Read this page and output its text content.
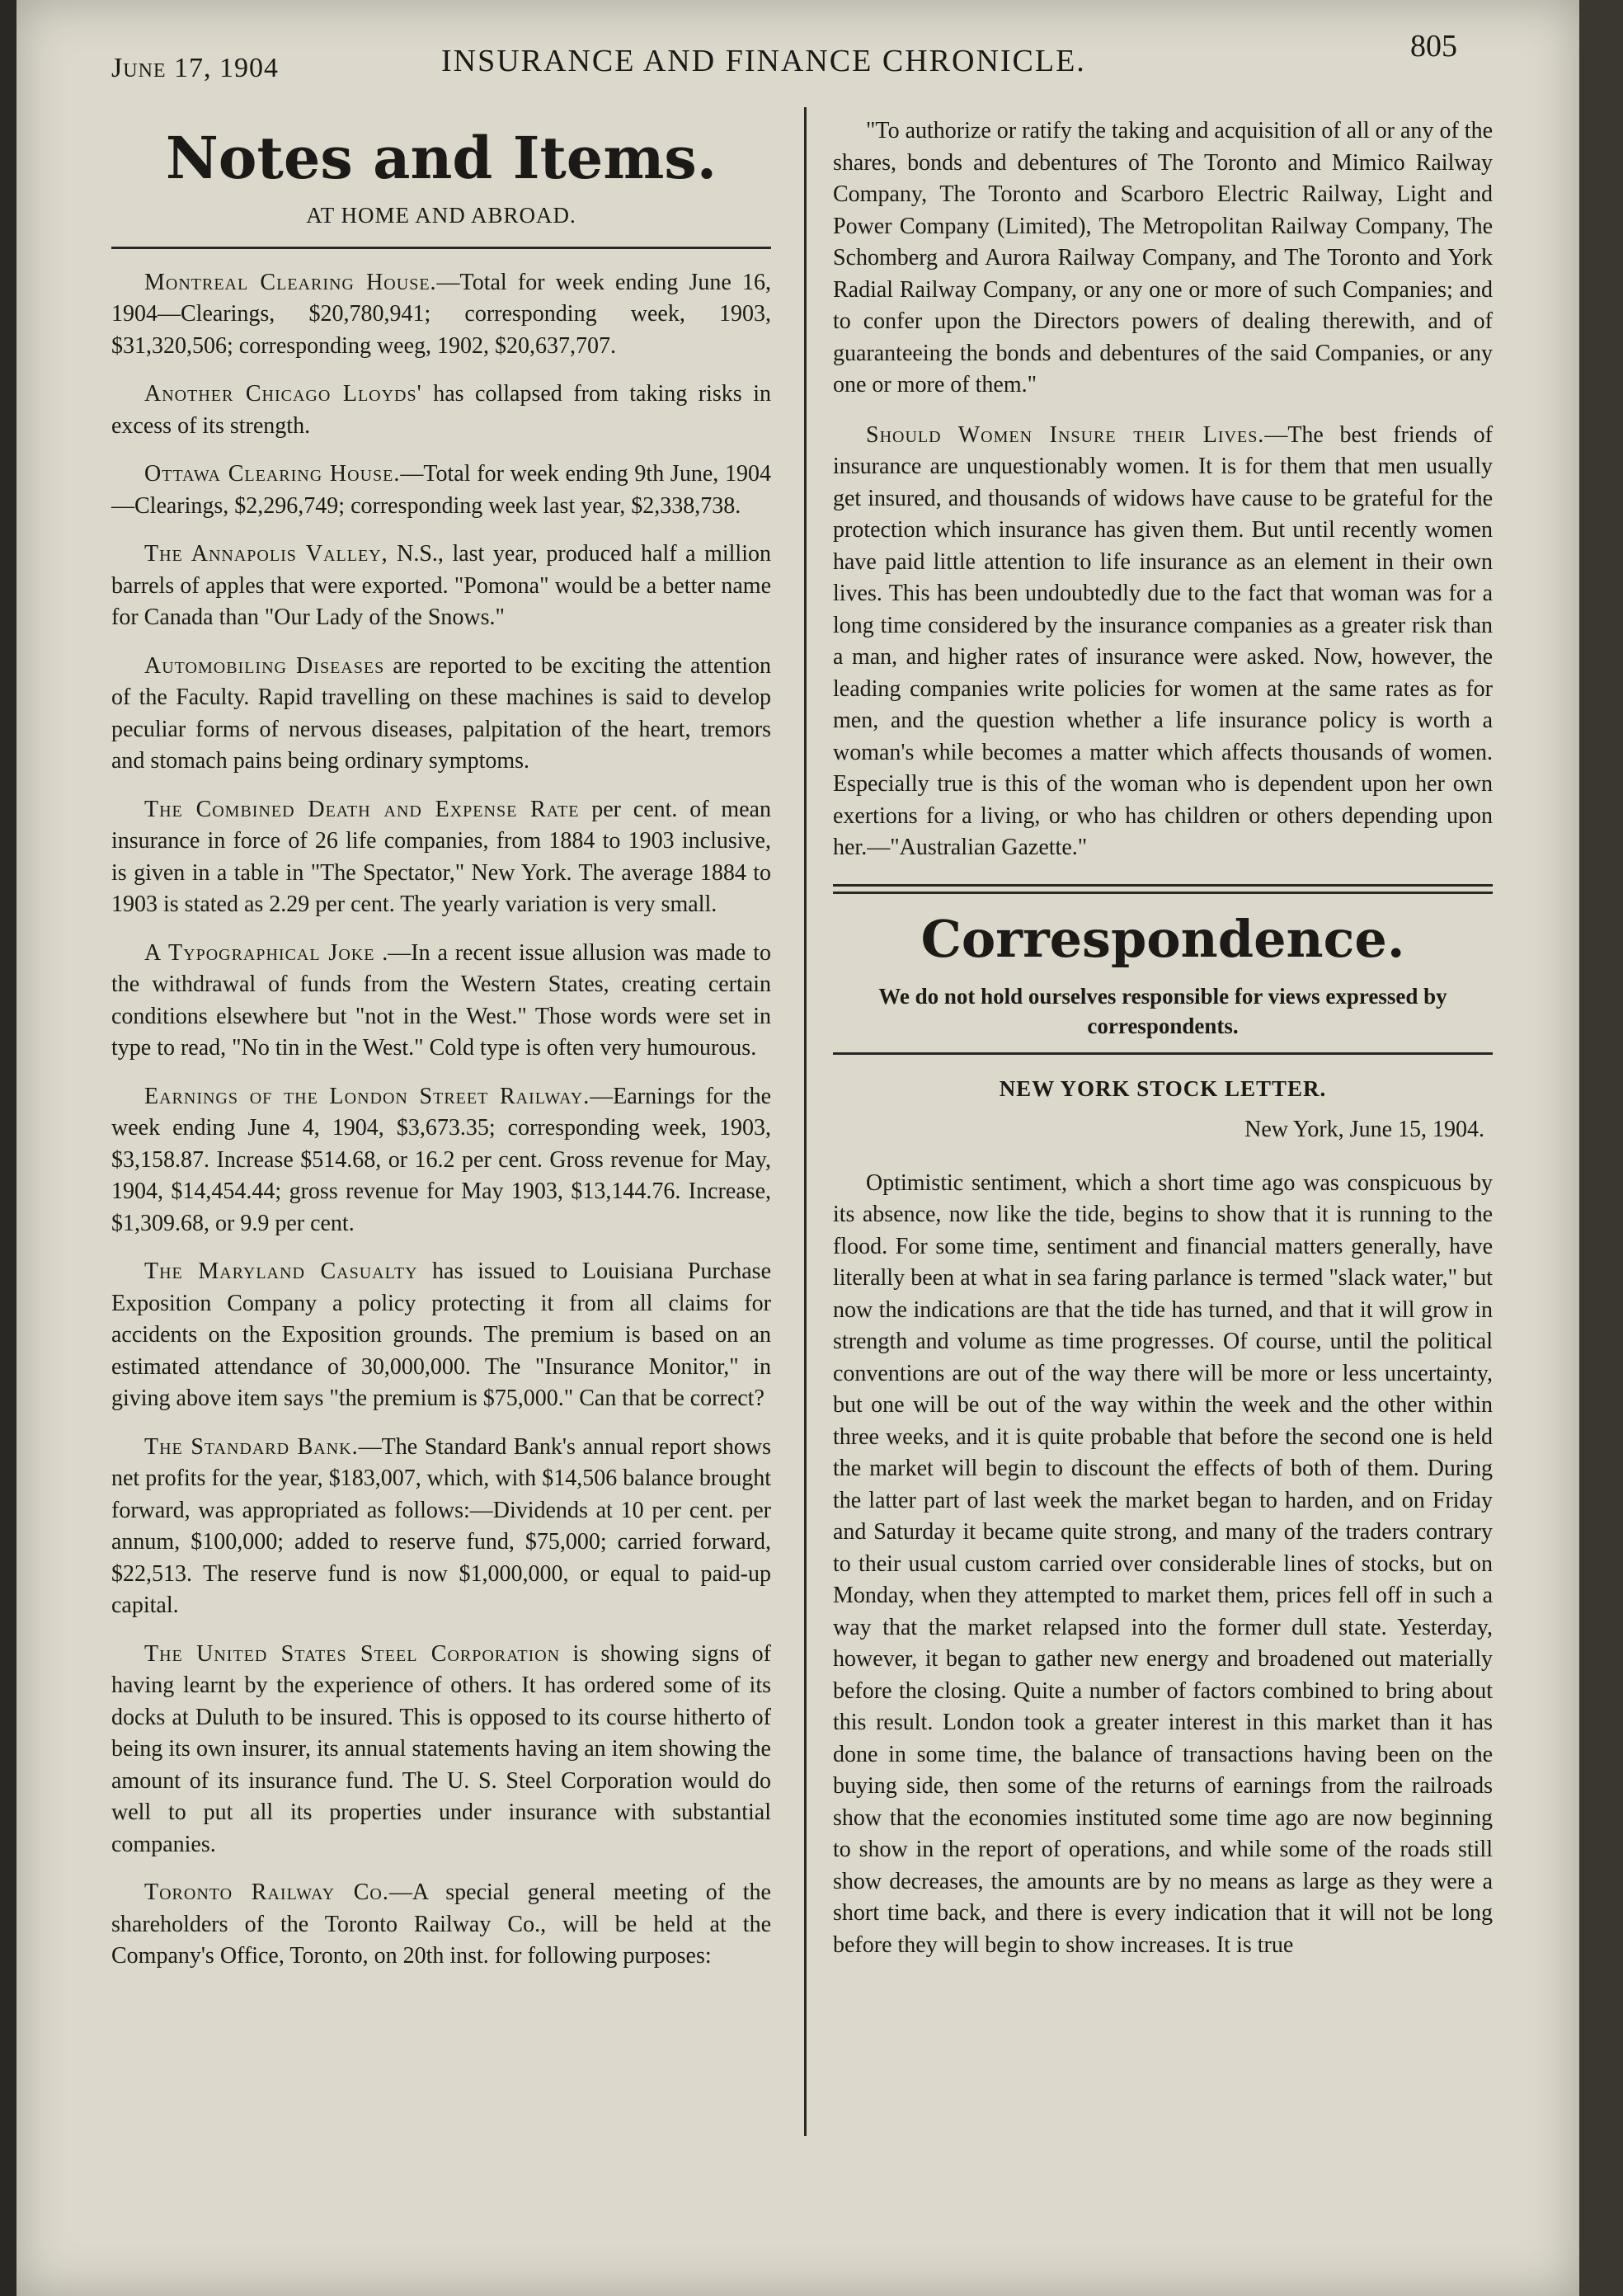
June 17, 1904	INSURANCE AND FINANCE CHRONICLE.	805
Notes and Items.
AT HOME AND ABROAD.

Montreal Clearing House.—Total for week ending June 16, 1904—Clearings, $20,780,941; corresponding week, 1903, $31,320,506; corresponding weeg, 1902, $20,637,707.

Another Chicago Lloyds' has collapsed from taking risks in excess of its strength.

Ottawa Clearing House.—Total for week ending 9th June, 1904—Clearings, $2,296,749; corresponding week last year, $2,338,738.

The Annapolis Valley, N.S., last year, produced half a million barrels of apples that were exported. "Pomona" would be a better name for Canada than "Our Lady of the Snows."

Automobiling Diseases are reported to be exciting the attention of the Faculty. Rapid travelling on these machines is said to develop peculiar forms of nervous diseases, palpitation of the heart, tremors and stomach pains being ordinary symptoms.

The Combined Death and Expense Rate per cent. of mean insurance in force of 26 life companies, from 1884 to 1903 inclusive, is given in a table in "The Spectator," New York. The average 1884 to 1903 is stated as 2.29 per cent. The yearly variation is very small.

A Typographical Joke .—In a recent issue allusion was made to the withdrawal of funds from the Western States, creating certain conditions elsewhere but "not in the West." Those words were set in type to read, "No tin in the West." Cold type is often very humourous.

Earnings of the London Street Railway.—Earnings for the week ending June 4, 1904, $3,673.35; corresponding week, 1903, $3,158.87. Increase $514.68, or 16.2 per cent. Gross revenue for May, 1904, $14,454.44; gross revenue for May 1903, $13,144.76. Increase, $1,309.68, or 9.9 per cent.

The Maryland Casualty has issued to Louisiana Purchase Exposition Company a policy protecting it from all claims for accidents on the Exposition grounds. The premium is based on an estimated attendance of 30,000,000. The "Insurance Monitor," in giving above item says "the premium is $75,000." Can that be correct?

The Standard Bank.—The Standard Bank's annual report shows net profits for the year, $183,007, which, with $14,506 balance brought forward, was appropriated as follows:—Dividends at 10 per cent. per annum, $100,000; added to reserve fund, $75,000; carried forward, $22,513. The reserve fund is now $1,000,000, or equal to paid-up capital.

The United States Steel Corporation is showing signs of having learnt by the experience of others. It has ordered some of its docks at Duluth to be insured. This is opposed to its course hitherto of being its own insurer, its annual statements having an item showing the amount of its insurance fund. The U. S. Steel Corporation would do well to put all its properties under insurance with substantial companies.

Toronto Railway Co.—A special general meeting of the shareholders of the Toronto Railway Co., will be held at the Company's Office, Toronto, on 20th inst. for following purposes:

"To authorize or ratify the taking and acquisition of all or any of the shares, bonds and debentures of The Toronto and Mimico Railway Company, The Toronto and Scarboro Electric Railway, Light and Power Company (Limited), The Metropolitan Railway Company, The Schomberg and Aurora Railway Company, and The Toronto and York Radial Railway Company, or any one or more of such Companies; and to confer upon the Directors powers of dealing therewith, and of guaranteeing the bonds and debentures of the said Companies, or any one or more of them."

Should Women Insure their Lives.—The best friends of insurance are unquestionably women. It is for them that men usually get insured, and thousands of widows have cause to be grateful for the protection which insurance has given them. But until recently women have paid little attention to life insurance as an element in their own lives. This has been undoubtedly due to the fact that woman was for a long time considered by the insurance companies as a greater risk than a man, and higher rates of insurance were asked. Now, however, the leading companies write policies for women at the same rates as for men, and the question whether a life insurance policy is worth a woman's while becomes a matter which affects thousands of women. Especially true is this of the woman who is dependent upon her own exertions for a living, or who has children or others depending upon her.—"Australian Gazette."

Correspondence.
We do not hold ourselves responsible for views expressed by correspondents.
NEW YORK STOCK LETTER.
New York, June 15, 1904.

Optimistic sentiment, which a short time ago was conspicuous by its absence, now like the tide, begins to show that it is running to the flood. For some time, sentiment and financial matters generally, have literally been at what in sea faring parlance is termed "slack water," but now the indications are that the tide has turned, and that it will grow in strength and volume as time progresses. Of course, until the political conventions are out of the way there will be more or less uncertainty, but one will be out of the way within the week and the other within three weeks, and it is quite probable that before the second one is held the market will begin to discount the effects of both of them. During the latter part of last week the market began to harden, and on Friday and Saturday it became quite strong, and many of the traders contrary to their usual custom carried over considerable lines of stocks, but on Monday, when they attempted to market them, prices fell off in such a way that the market relapsed into the former dull state. Yesterday, however, it began to gather new energy and broadened out materially before the closing. Quite a number of factors combined to bring about this result. London took a greater interest in this market than it has done in some time, the balance of transactions having been on the buying side, then some of the returns of earnings from the railroads show that the economies instituted some time ago are now beginning to show in the report of operations, and while some of the roads still show decreases, the amounts are by no means as large as they were a short time back, and there is every indication that it will not be long before they will begin to show increases. It is true
